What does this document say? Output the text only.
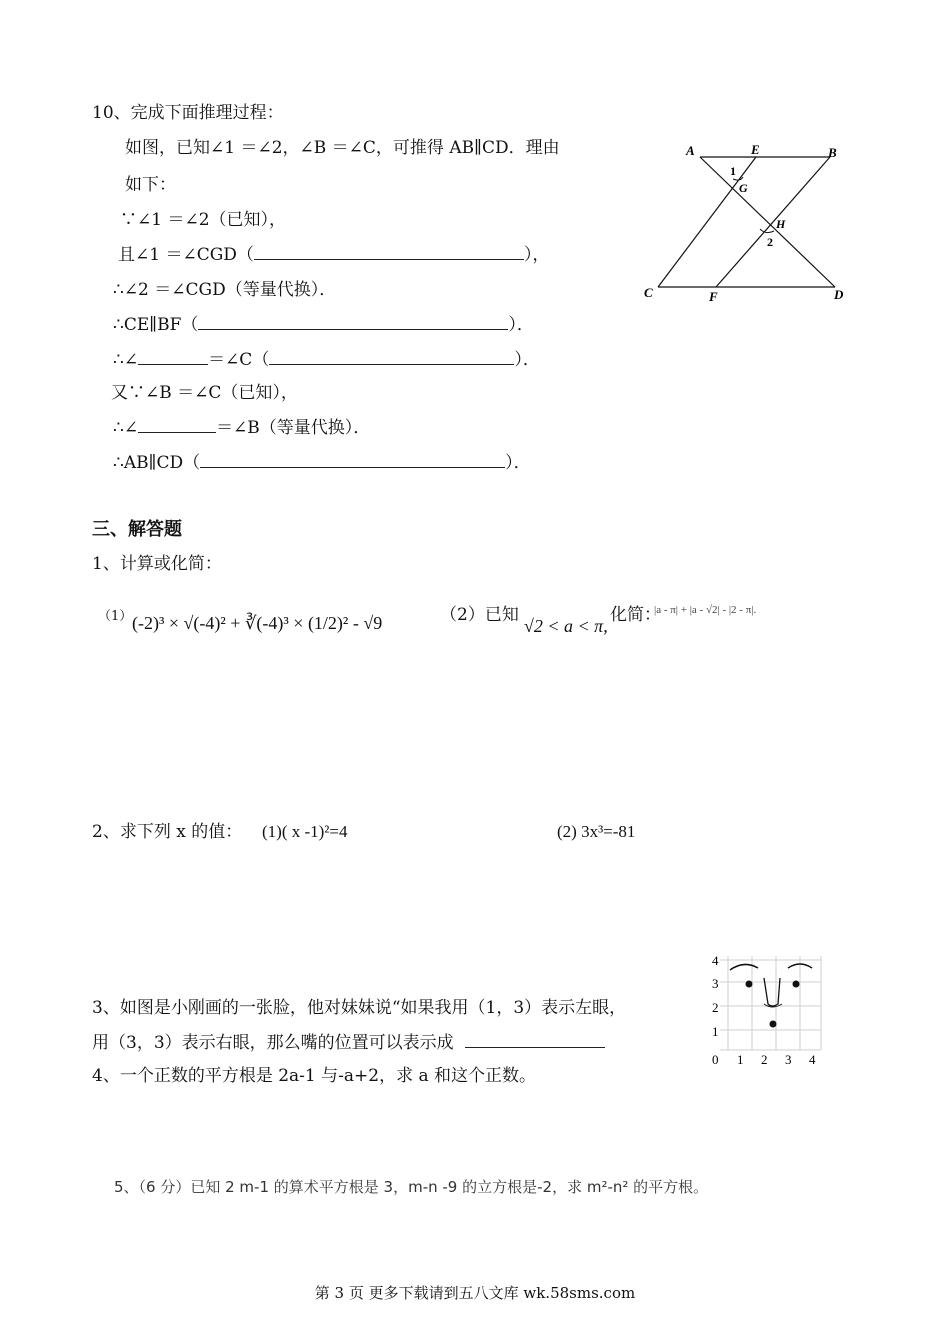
10、完成下面推理过程：
如图，已知∠1 ＝∠2，∠B ＝∠C，可推得 AB∥CD．理由
如下：
∵∠1 ＝∠2（已知），
且∠1 ＝∠CGD（	），
∴∠2 ＝∠CGD（等量代换）．
∴CE∥BF（	）．
∴∠	＝∠C（	）．
又∵∠B ＝∠C（已知），
∴∠	＝∠B（等量代换）．
∴AB∥CD（	）．
A	E	B
1
G
H
2
C	F	D
三、解答题
1、计算或化简：
（1） (-2)³ × √(-4)² + ∛(-4)³ × (1/2)² - √9	（2）已知
√2 < a < π,
化简：
|a - π| + |a - √2| - |2 - π|.
2、求下列 x 的值： (1)( x -1)²=4	(2) 3x³=-81
4
3
2
1
0 1 2 3 4
3、如图是小刚画的一张脸，他对妹妹说“如果我用（1，3）表示左眼，
用（3，3）表示右眼，那么嘴的位置可以表示成
4、一个正数的平方根是 2a-1 与-a+2，求 a 和这个正数。
5、（6 分）已知 2 m-1 的算术平方根是 3，m-n -9 的立方根是-2，求 m²-n² 的平方根。
第 3 页 更多下载请到五八文库 wk.58sms.com
